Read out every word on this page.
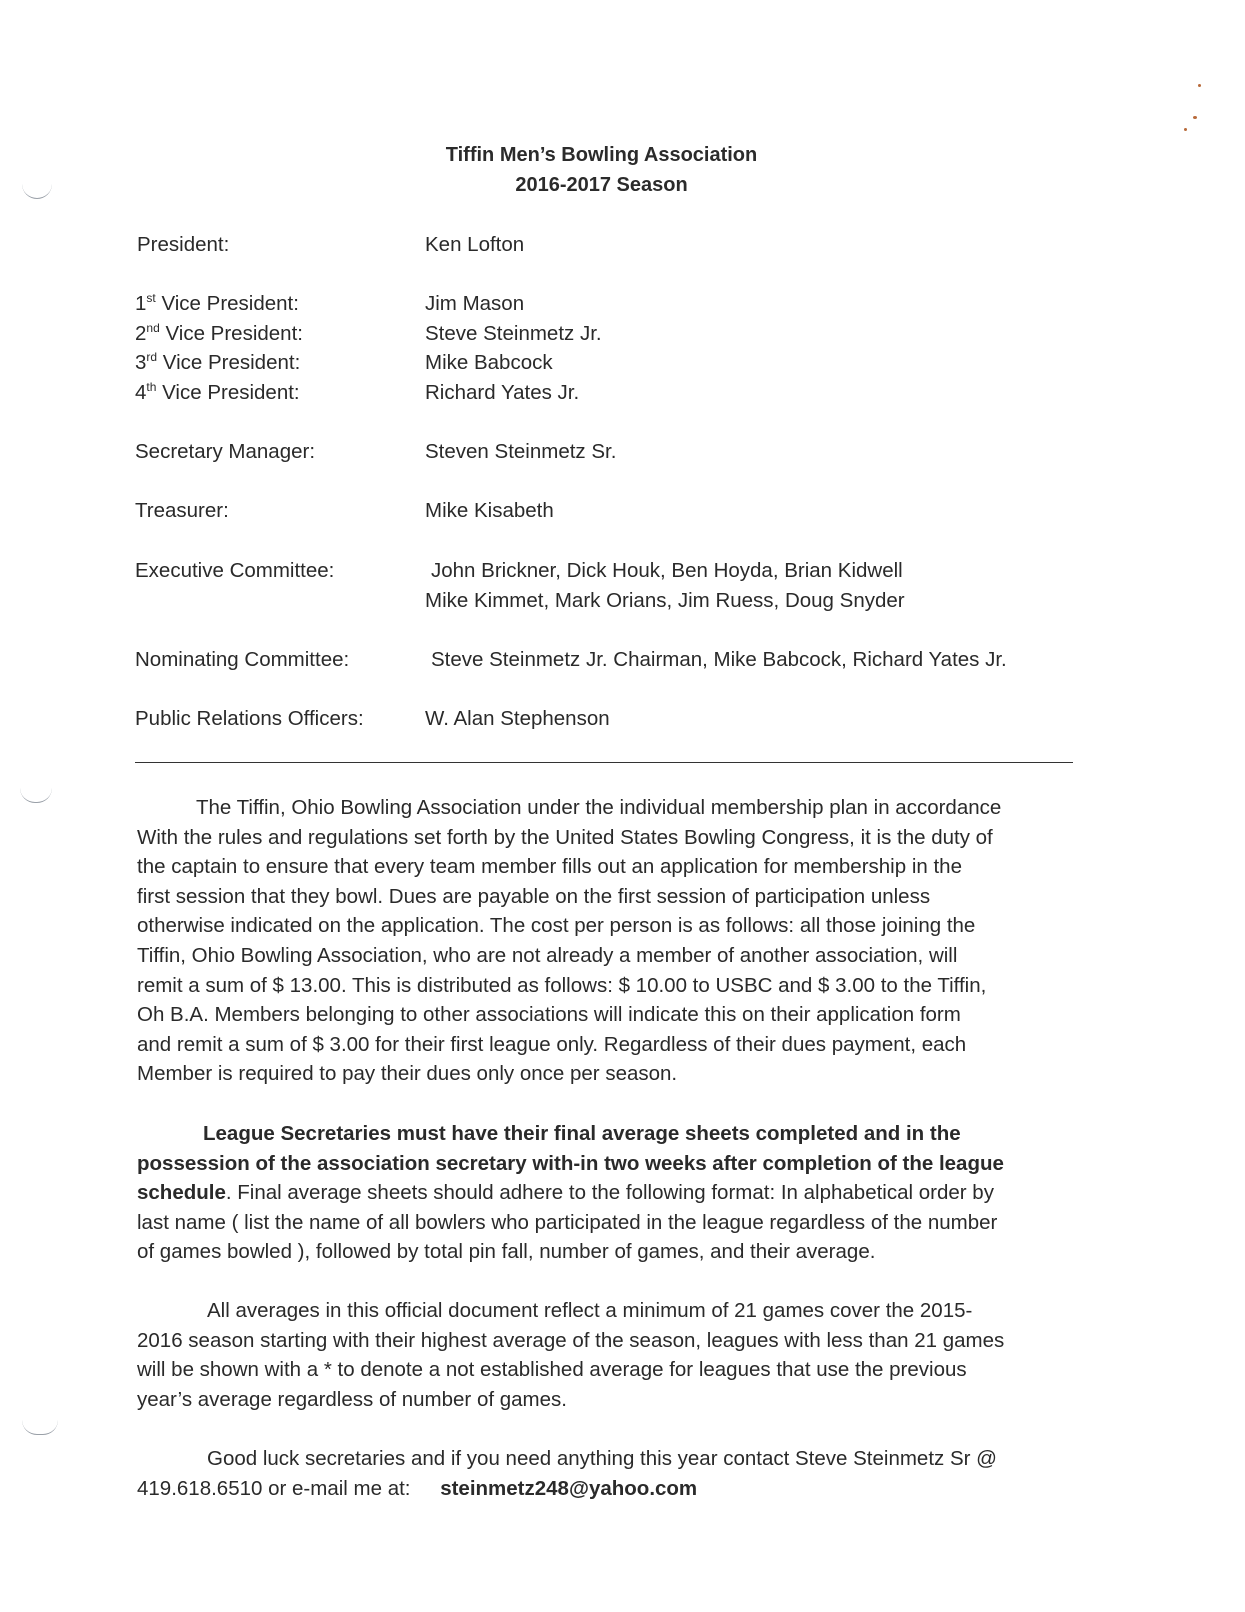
Tiffin Men’s Bowling Association
2016-2017 Season
President:	Ken Lofton
1st Vice President:	Jim Mason
2nd Vice President:	Steve Steinmetz Jr.
3rd Vice President:	Mike Babcock
4th Vice President:	Richard Yates Jr.
Secretary Manager:	Steven Steinmetz Sr.
Treasurer:	Mike Kisabeth
Executive Committee:	John Brickner, Dick Houk, Ben Hoyda, Brian Kidwell
Mike Kimmet, Mark Orians, Jim Ruess, Doug Snyder
Nominating Committee:	Steve Steinmetz Jr. Chairman, Mike Babcock, Richard Yates Jr.
Public Relations Officers:	W. Alan Stephenson
The Tiffin, Ohio Bowling Association under the individual membership plan in accordance
With the rules and regulations set forth by the United States Bowling Congress, it is the duty of
the captain to ensure that every team member fills out an application for membership in the
first session that they bowl. Dues are payable on the first session of participation unless
otherwise indicated on the application. The cost per person is as follows: all those joining the
Tiffin, Ohio Bowling Association, who are not already a member of another association, will
remit a sum of $ 13.00. This is distributed as follows: $ 10.00 to USBC and $ 3.00 to the Tiffin,
Oh B.A. Members belonging to other associations will indicate this on their application form
and remit a sum of $ 3.00 for their first league only. Regardless of their dues payment, each
Member is required to pay their dues only once per season.
League Secretaries must have their final average sheets completed and in the
possession of the association secretary with-in two weeks after completion of the league
schedule. Final average sheets should adhere to the following format: In alphabetical order by
last name ( list the name of all bowlers who participated in the league regardless of the number
of games bowled ), followed by total pin fall, number of games, and their average.
All averages in this official document reflect a minimum of 21 games cover the 2015-
2016 season starting with their highest average of the season, leagues with less than 21 games
will be shown with a * to denote a not established average for leagues that use the previous
year’s average regardless of number of games.
Good luck secretaries and if you need anything this year contact Steve Steinmetz Sr @
419.618.6510 or e-mail me at: steinmetz248@yahoo.com
